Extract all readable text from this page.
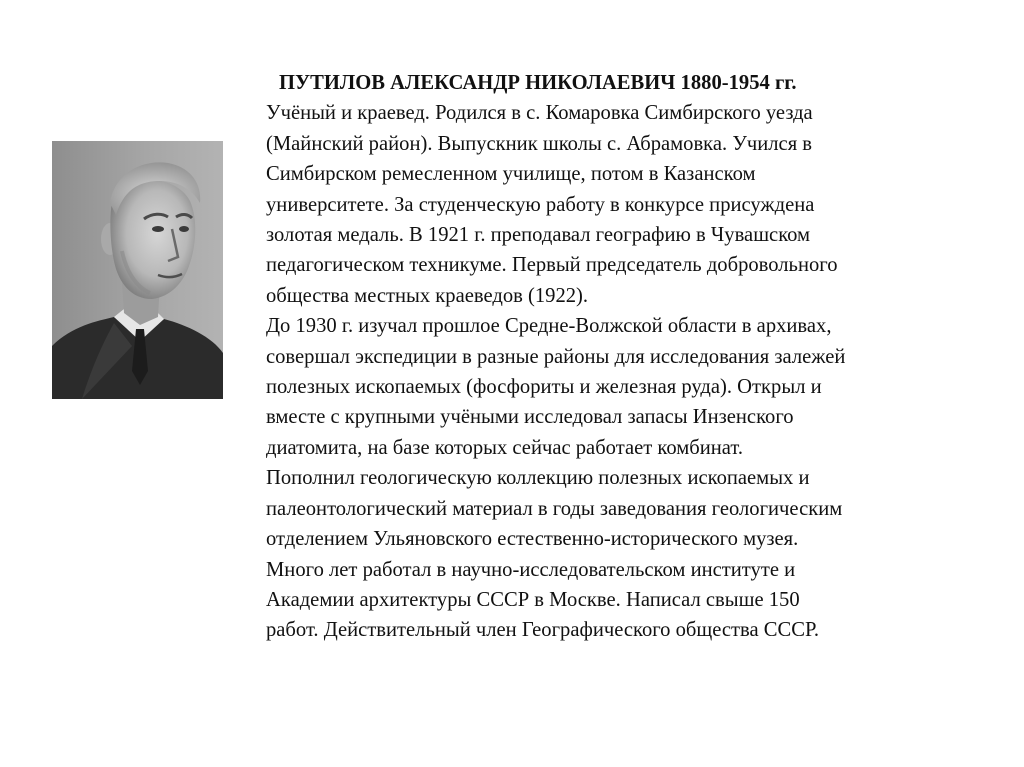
ПУТИЛОВ АЛЕКСАНДР НИКОЛАЕВИЧ 1880-1954 гг.
Учёный и краевед. Родился в с. Комаровка Симбирского уезда
(Майнский район). Выпускник школы с. Абрамовка. Учился в
Симбирском ремесленном училище, потом в Казанском
университете. За студенческую работу в конкурсе присуждена
золотая медаль. В 1921 г. преподавал географию в Чувашском
педагогическом техникуме. Первый председатель добровольного
общества местных краеведов (1922).
До 1930 г. изучал прошлое Средне-Волжской области в архивах,
совершал экспедиции в разные районы для исследования залежей
полезных ископаемых (фосфориты и железная руда). Открыл и
вместе с крупными учёными исследовал запасы Инзенского
диатомита, на базе которых сейчас работает комбинат.
Пополнил геологическую коллекцию полезных ископаемых и
палеонтологический материал в годы заведования геологическим
отделением Ульяновского естественно-исторического музея.
Много лет работал в научно-исследовательском институте и
Академии архитектуры СССР в Москве. Написал свыше 150
работ. Действительный член Географического общества СССР.
